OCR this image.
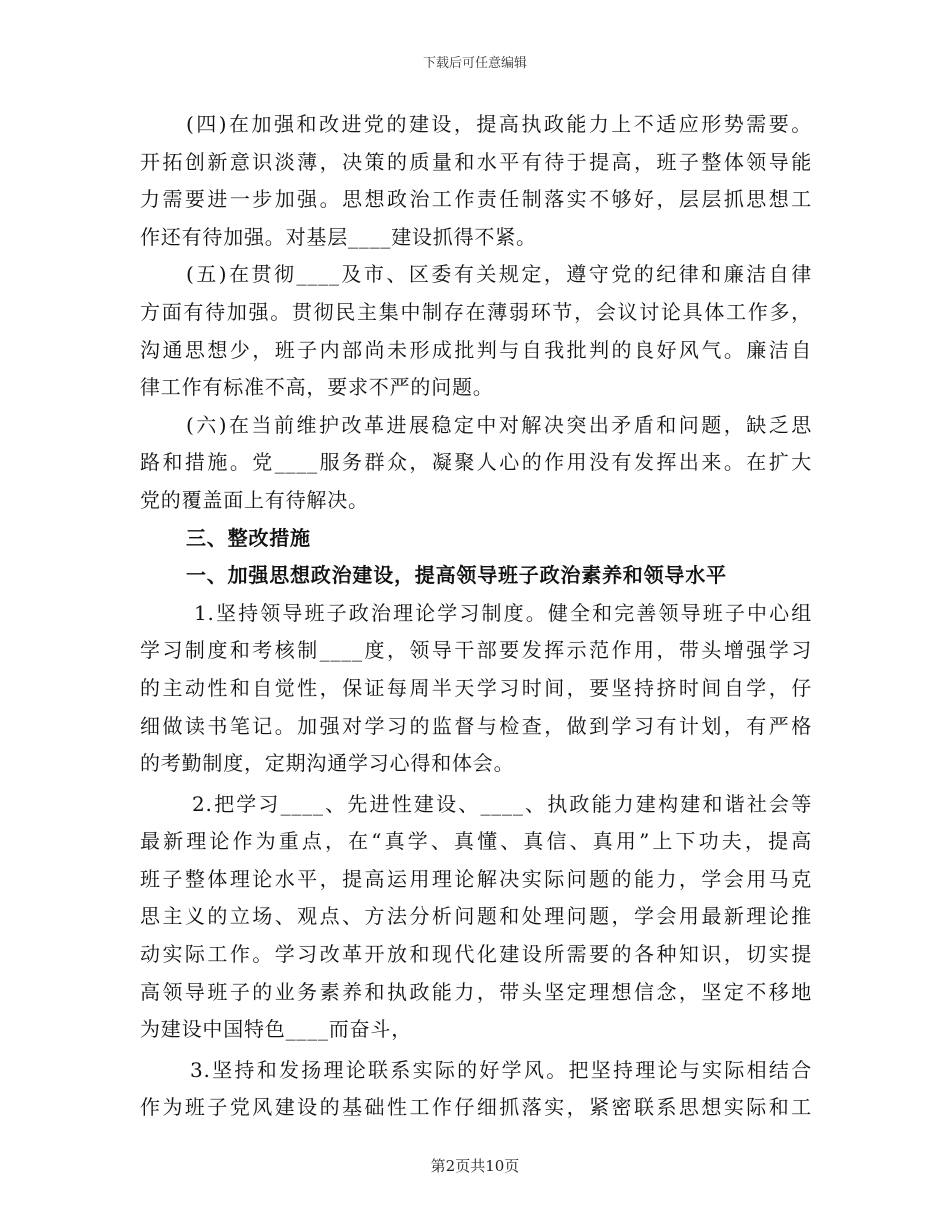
下载后可任意编辑
(四)在加强和改进党的建设，提高执政能力上不适应形势需要。
开拓创新意识淡薄，决策的质量和水平有待于提高，班子整体领导能
力需要进一步加强。思想政治工作责任制落实不够好，层层抓思想工
作还有待加强。对基层____建设抓得不紧。
(五)在贯彻____及市、区委有关规定，遵守党的纪律和廉洁自律
方面有待加强。贯彻民主集中制存在薄弱环节，会议讨论具体工作多，
沟通思想少，班子内部尚未形成批判与自我批判的良好风气。廉洁自
律工作有标准不高，要求不严的问题。
(六)在当前维护改革进展稳定中对解决突出矛盾和问题，缺乏思
路和措施。党____服务群众，凝聚人心的作用没有发挥出来。在扩大
党的覆盖面上有待解决。
三、整改措施
一、加强思想政治建设，提高领导班子政治素养和领导水平
1.坚持领导班子政治理论学习制度。健全和完善领导班子中心组
学习制度和考核制____度，领导干部要发挥示范作用，带头增强学习
的主动性和自觉性，保证每周半天学习时间，要坚持挤时间自学，仔
细做读书笔记。加强对学习的监督与检查，做到学习有计划，有严格
的考勤制度，定期沟通学习心得和体会。
2.把学习____、先进性建设、____、执政能力建构建和谐社会等
最新理论作为重点，在“真学、真懂、真信、真用”上下功夫，提高
班子整体理论水平，提高运用理论解决实际问题的能力，学会用马克
思主义的立场、观点、方法分析问题和处理问题，学会用最新理论推
动实际工作。学习改革开放和现代化建设所需要的各种知识，切实提
高领导班子的业务素养和执政能力，带头坚定理想信念，坚定不移地
为建设中国特色____而奋斗，
3.坚持和发扬理论联系实际的好学风。把坚持理论与实际相结合
作为班子党风建设的基础性工作仔细抓落实，紧密联系思想实际和工
第2页共10页
